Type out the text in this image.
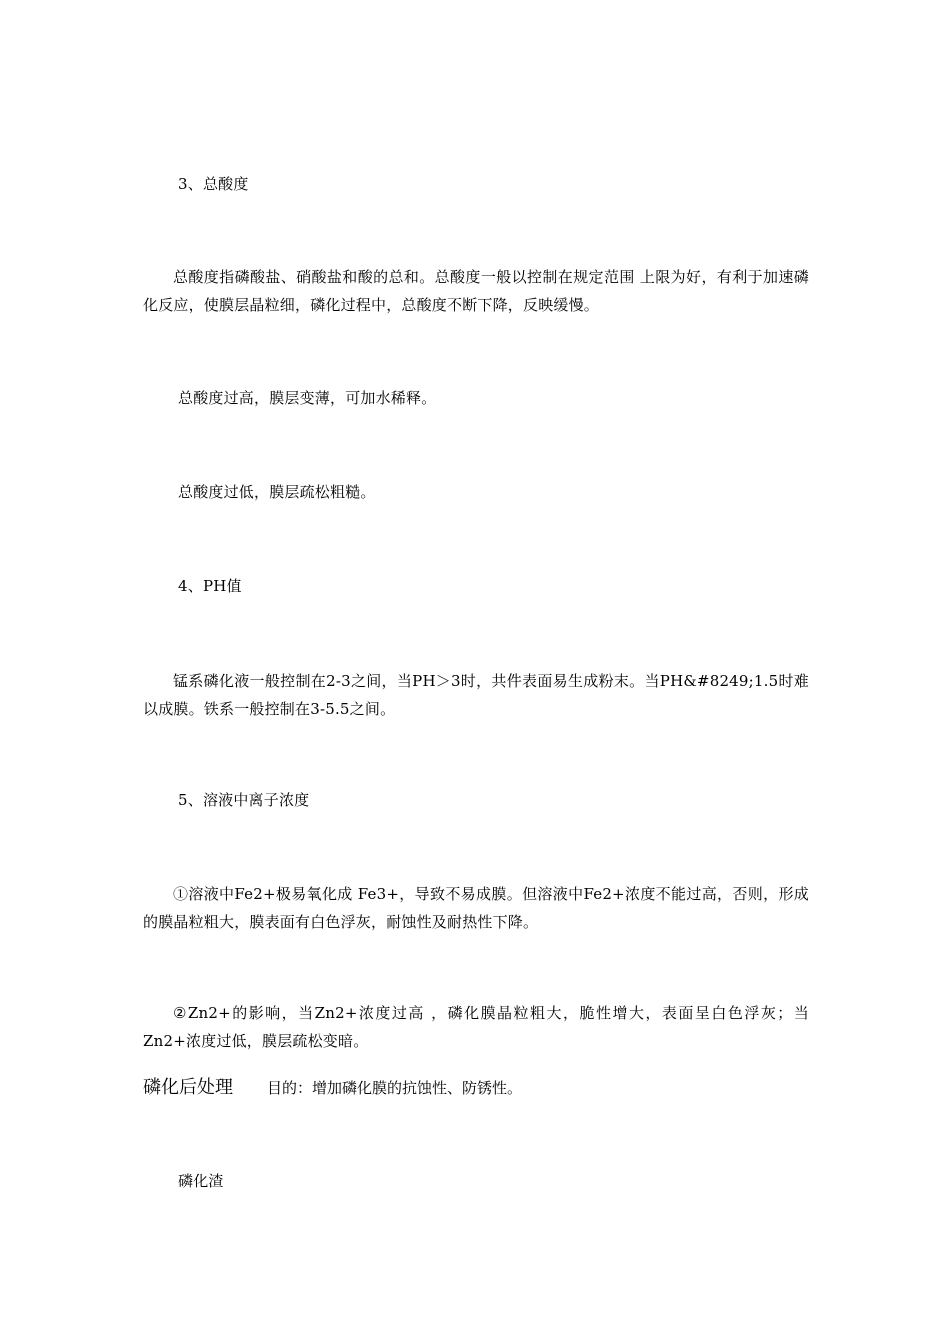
3、总酸度
总酸度指磷酸盐、硝酸盐和酸的总和。总酸度一般以控制在规定范围 上限为好，有利于加速磷化反应，使膜层晶粒细，磷化过程中，总酸度不断下降，反映缓慢。
总酸度过高，膜层变薄，可加水稀释。
总酸度过低，膜层疏松粗糙。
4、PH值
锰系磷化液一般控制在2-3之间，当PH＞3时，共件表面易生成粉末。当PH&#8249;1.5时难以成膜。铁系一般控制在3-5.5之间。
5、溶液中离子浓度
①溶液中Fe2+极易氧化成 Fe3+，导致不易成膜。但溶液中Fe2+浓度不能过高，否则，形成的膜晶粒粗大，膜表面有白色浮灰，耐蚀性及耐热性下降。
②Zn2+的影响，当Zn2+浓度过高 ，磷化膜晶粒粗大，脆性增大，表面呈白色浮灰；当Zn2+浓度过低，膜层疏松变暗。
磷化后处理 目的：增加磷化膜的抗蚀性、防锈性。
磷化渣
